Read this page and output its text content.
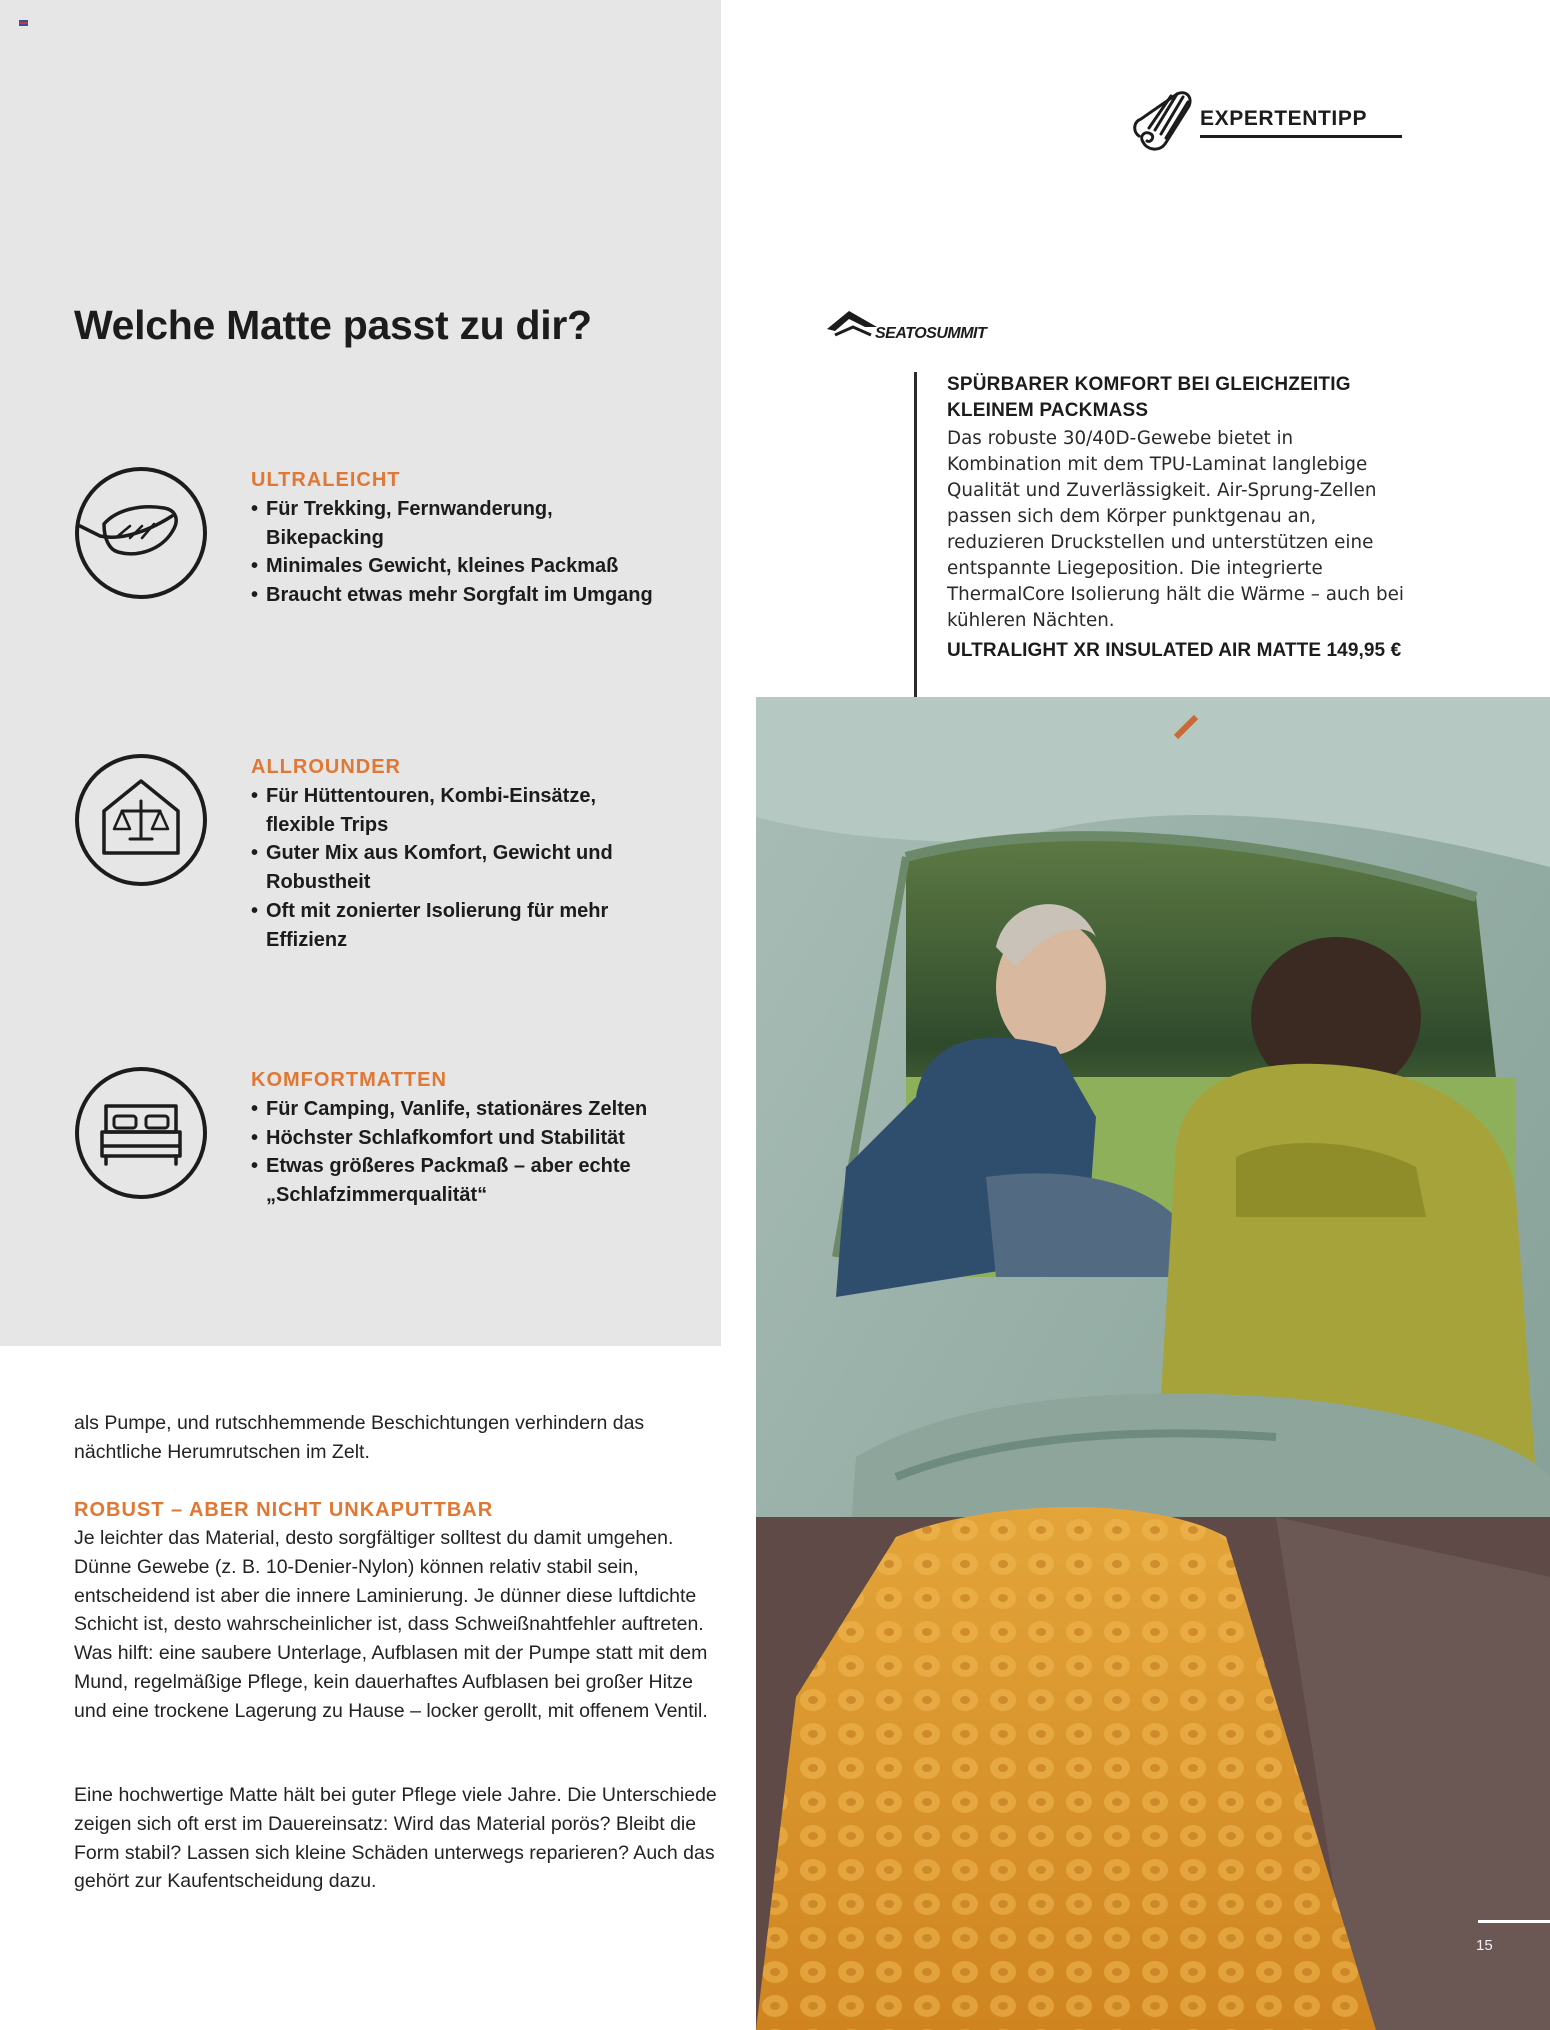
EXPERTENTIPP
Welche Matte passt zu dir?
ULTRALEICHT
• Für Trekking, Fernwanderung,
Bikepacking
• Minimales Gewicht, kleines Packmaß
• Braucht etwas mehr Sorgfalt im Umgang
ALLROUNDER
• Für Hüttentouren, Kombi-Einsätze,
flexible Trips
• Guter Mix aus Komfort, Gewicht und
Robustheit
• Oft mit zonierter Isolierung für mehr
Effizienz
KOMFORTMATTEN
• Für Camping, Vanlife, stationäres Zelten
• Höchster Schlafkomfort und Stabilität
• Etwas größeres Packmaß – aber echte
„Schlafzimmerqualität“
SEATOSUMMIT
SPÜRBARER KOMFORT BEI GLEICHZEITIG
KLEINEM PACKMASS

Das robuste 30/40D-Gewebe bietet in Kombination mit dem TPU-Laminat langlebige Qualität und Zuverlässigkeit. Air-Sprung-Zellen passen sich dem Körper punktgenau an, reduzieren Druckstellen und unterstützen eine entspannte Liegeposition. Die integrierte ThermalCore Isolierung hält die Wärme – auch bei kühleren Nächten.

ULTRALIGHT XR INSULATED AIR MATTE 149,95 €
15

als Pumpe, und rutschhemmende Beschichtungen verhindern das nächtliche Herumrutschen im Zelt.

ROBUST – ABER NICHT UNKAPUTTBAR

Je leichter das Material, desto sorgfältiger solltest du damit umgehen. Dünne Gewebe (z. B. 10-Denier-Nylon) können relativ stabil sein, entscheidend ist aber die innere Laminierung. Je dünner diese luftdichte Schicht ist, desto wahrscheinlicher ist, dass Schweißnahtfehler auftreten. Was hilft: eine saubere Unterlage, Aufblasen mit der Pumpe statt mit dem Mund, regelmäßige Pflege, kein dauerhaftes Aufblasen bei großer Hitze und eine trockene Lagerung zu Hause – locker gerollt, mit offenem Ventil.

Eine hochwertige Matte hält bei guter Pflege viele Jahre. Die Unterschiede zeigen sich oft erst im Dauereinsatz: Wird das Material porös? Bleibt die Form stabil? Lassen sich kleine Schäden unterwegs reparieren? Auch das gehört zur Kaufentscheidung dazu.
